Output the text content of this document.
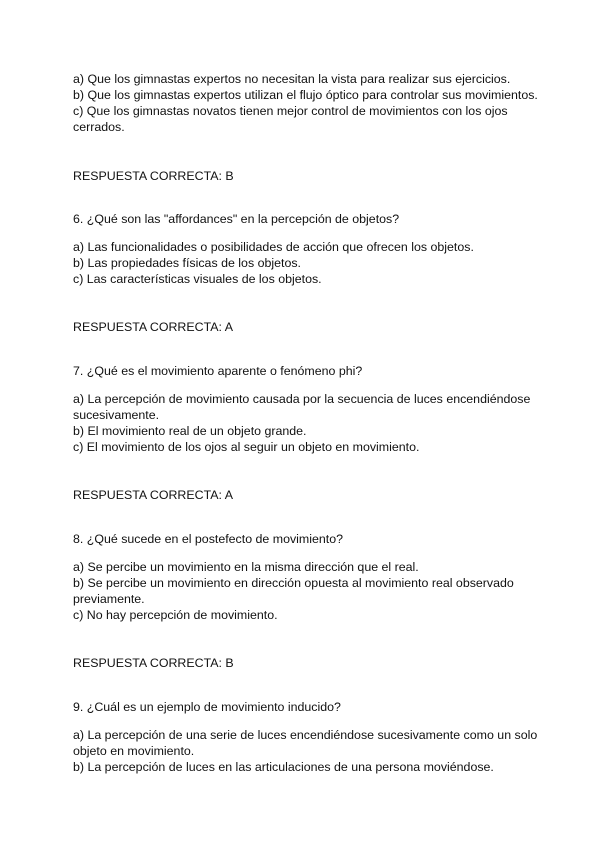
a) Que los gimnastas expertos no necesitan la vista para realizar sus ejercicios.
b) Que los gimnastas expertos utilizan el flujo óptico para controlar sus movimientos.
c) Que los gimnastas novatos tienen mejor control de movimientos con los ojos
cerrados.
RESPUESTA CORRECTA: B
6. ¿Qué son las "affordances" en la percepción de objetos?
a) Las funcionalidades o posibilidades de acción que ofrecen los objetos.
b) Las propiedades físicas de los objetos.
c) Las características visuales de los objetos.
RESPUESTA CORRECTA: A
7. ¿Qué es el movimiento aparente o fenómeno phi?
a) La percepción de movimiento causada por la secuencia de luces encendiéndose
sucesivamente.
b) El movimiento real de un objeto grande.
c) El movimiento de los ojos al seguir un objeto en movimiento.
RESPUESTA CORRECTA: A
8. ¿Qué sucede en el postefecto de movimiento?
a) Se percibe un movimiento en la misma dirección que el real.
b) Se percibe un movimiento en dirección opuesta al movimiento real observado
previamente.
c) No hay percepción de movimiento.
RESPUESTA CORRECTA: B
9. ¿Cuál es un ejemplo de movimiento inducido?
a) La percepción de una serie de luces encendiéndose sucesivamente como un solo
objeto en movimiento.
b) La percepción de luces en las articulaciones de una persona moviéndose.
